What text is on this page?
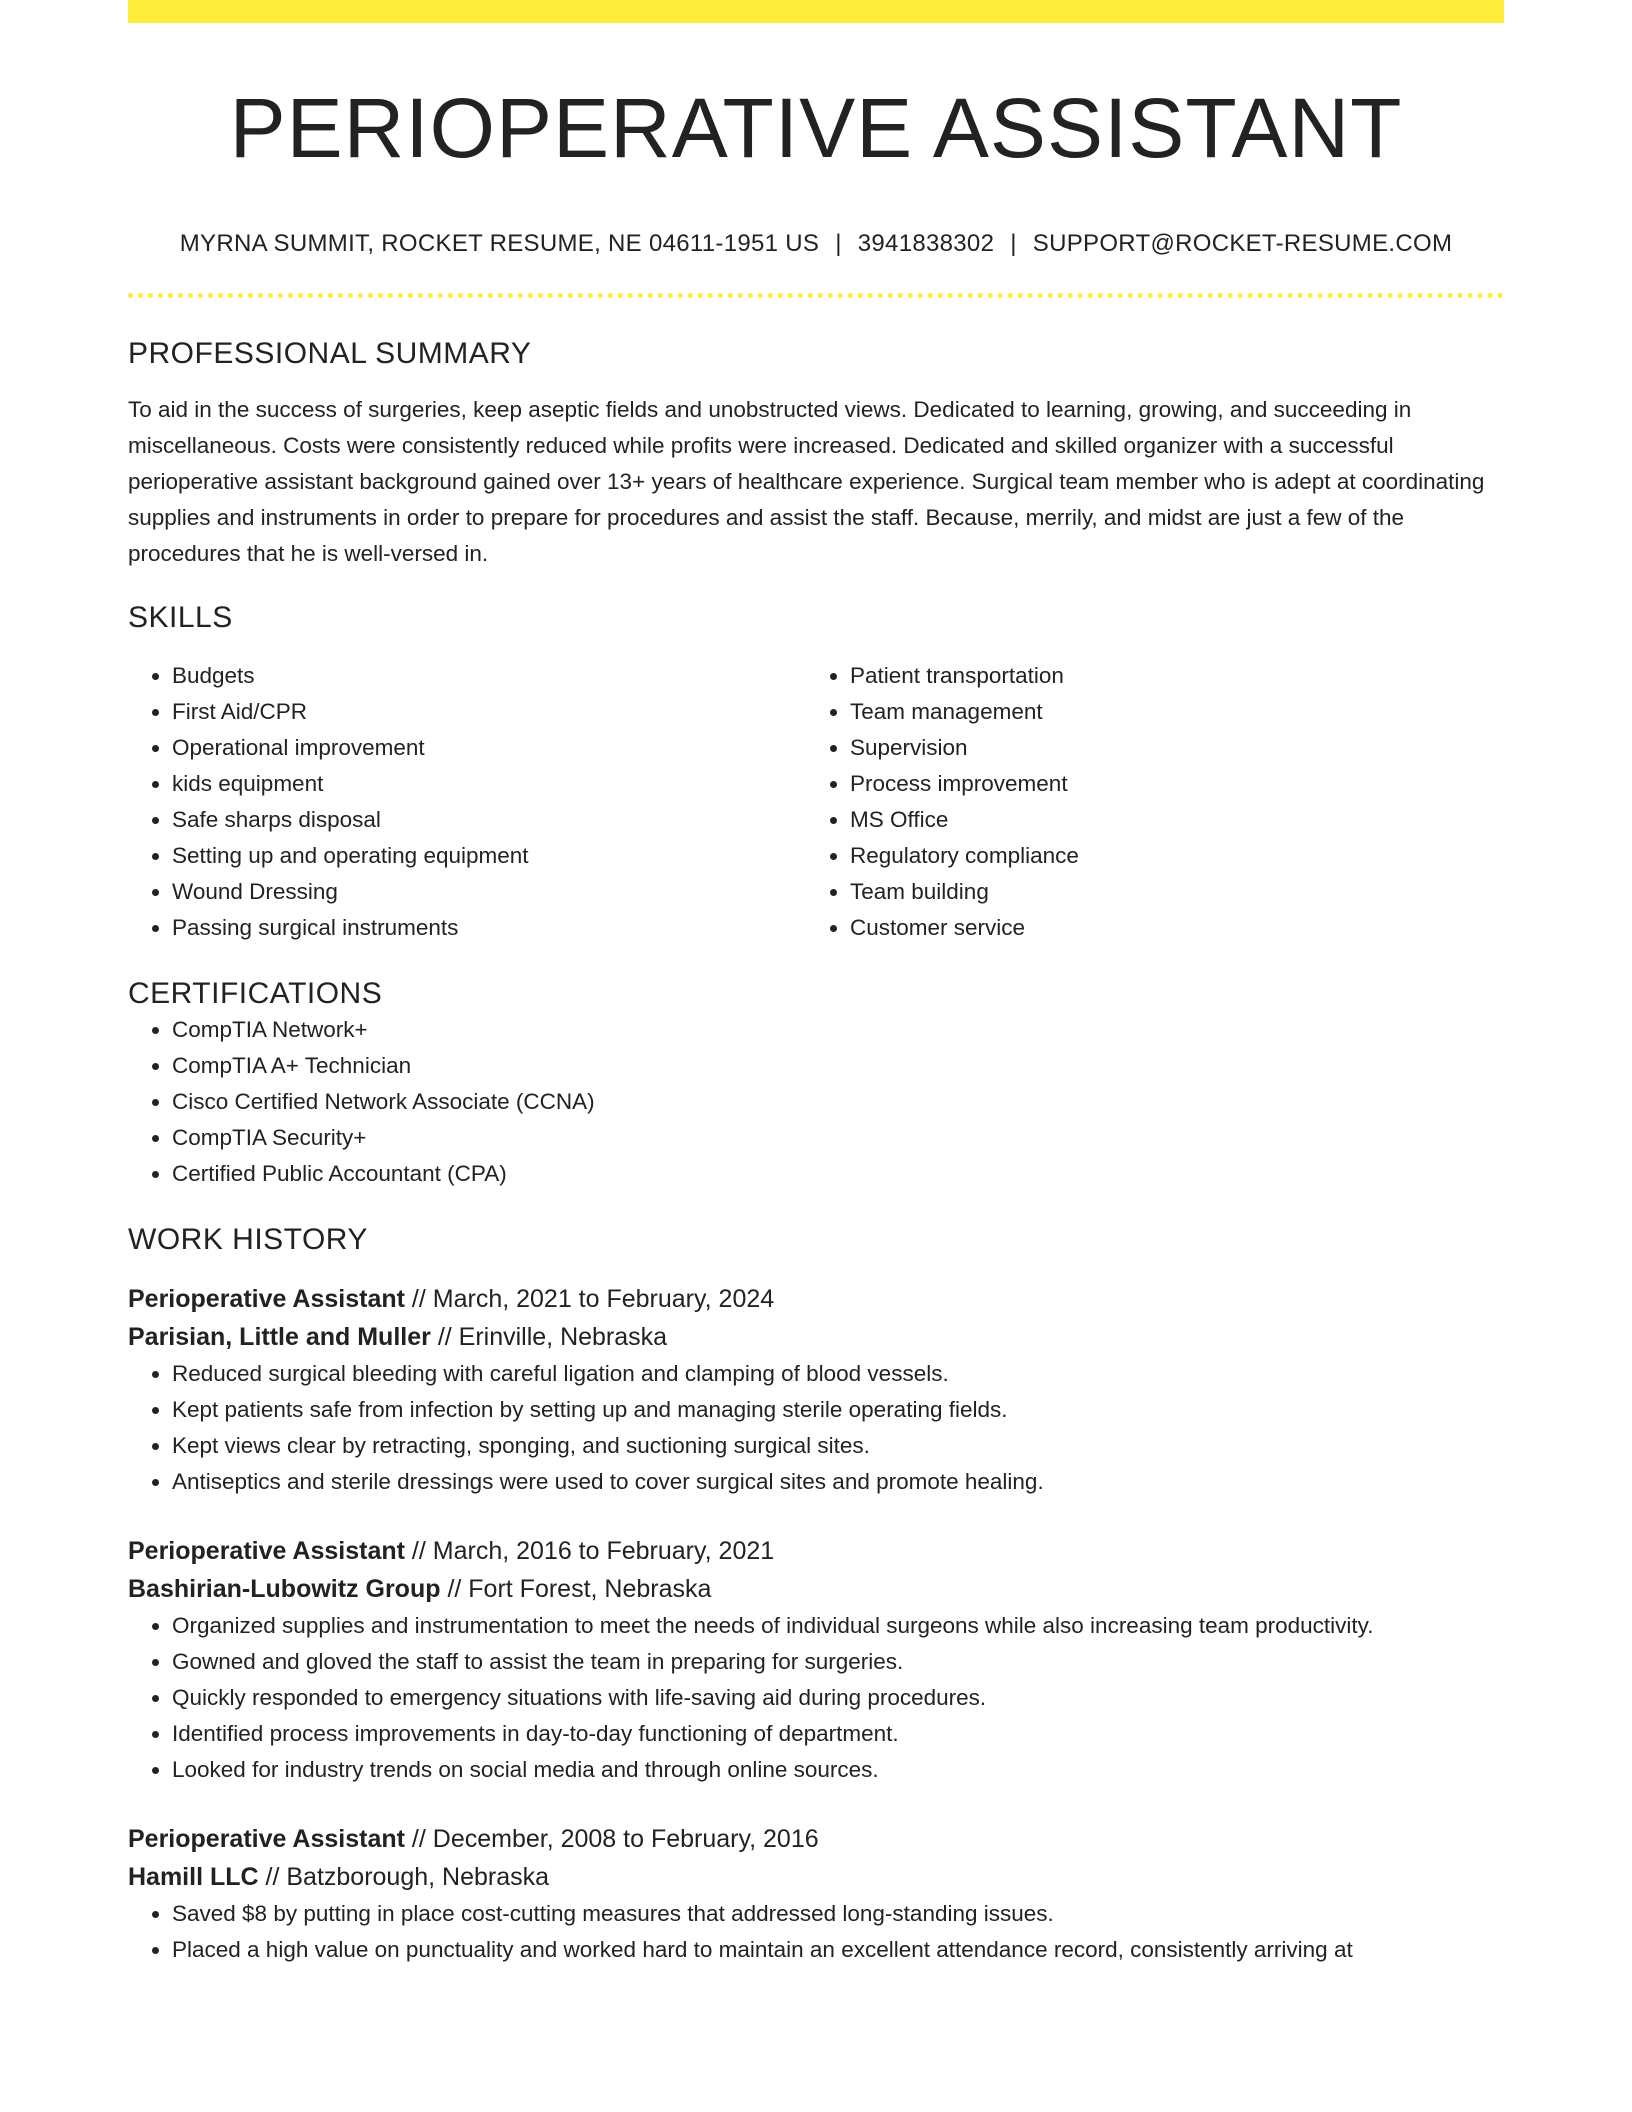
PERIOPERATIVE ASSISTANT
MYRNA SUMMIT, ROCKET RESUME, NE 04611-1951 US | 3941838302 | SUPPORT@ROCKET-RESUME.COM
PROFESSIONAL SUMMARY

To aid in the success of surgeries, keep aseptic fields and unobstructed views. Dedicated to learning, growing, and succeeding in miscellaneous. Costs were consistently reduced while profits were increased. Dedicated and skilled organizer with a successful perioperative assistant background gained over 13+ years of healthcare experience. Surgical team member who is adept at coordinating supplies and instruments in order to prepare for procedures and assist the staff. Because, merrily, and midst are just a few of the procedures that he is well-versed in.

SKILLS
• Budgets
• First Aid/CPR
• Operational improvement
• kids equipment
• Safe sharps disposal
• Setting up and operating equipment
• Wound Dressing
• Passing surgical instruments
• Patient transportation
• Team management
• Supervision
• Process improvement
• MS Office
• Regulatory compliance
• Team building
• Customer service
CERTIFICATIONS
• CompTIA Network+
• CompTIA A+ Technician
• Cisco Certified Network Associate (CCNA)
• CompTIA Security+
• Certified Public Accountant (CPA)
WORK HISTORY
Perioperative Assistant // March, 2021 to February, 2024
Parisian, Little and Muller // Erinville, Nebraska
• Reduced surgical bleeding with careful ligation and clamping of blood vessels.
• Kept patients safe from infection by setting up and managing sterile operating fields.
• Kept views clear by retracting, sponging, and suctioning surgical sites.
• Antiseptics and sterile dressings were used to cover surgical sites and promote healing.
Perioperative Assistant // March, 2016 to February, 2021
Bashirian-Lubowitz Group // Fort Forest, Nebraska
• Organized supplies and instrumentation to meet the needs of individual surgeons while also increasing team productivity.
• Gowned and gloved the staff to assist the team in preparing for surgeries.
• Quickly responded to emergency situations with life-saving aid during procedures.
• Identified process improvements in day-to-day functioning of department.
• Looked for industry trends on social media and through online sources.
Perioperative Assistant // December, 2008 to February, 2016
Hamill LLC // Batzborough, Nebraska
• Saved $8 by putting in place cost-cutting measures that addressed long-standing issues.
• Placed a high value on punctuality and worked hard to maintain an excellent attendance record, consistently arriving at
